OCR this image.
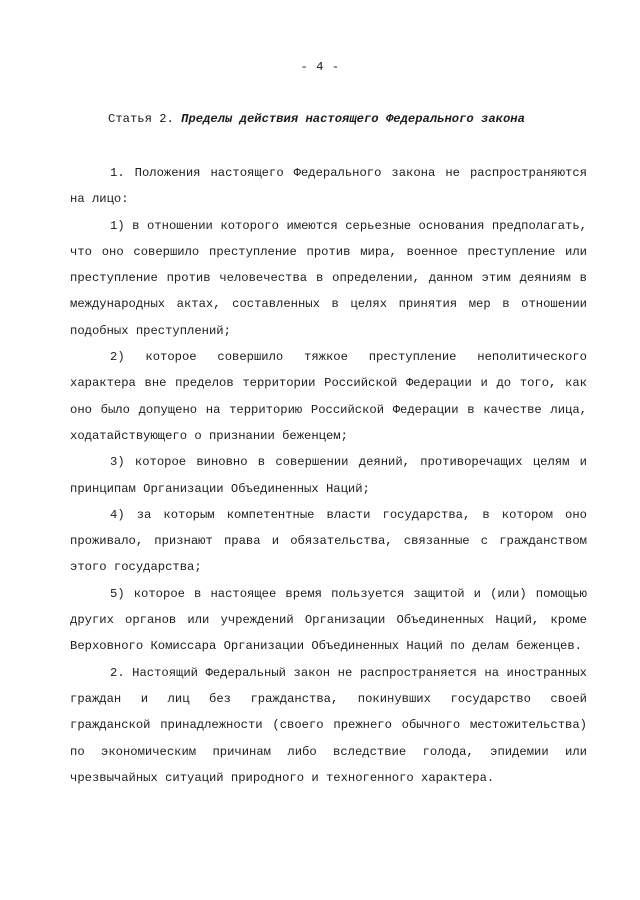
- 4 -
Статья 2. Пределы действия настоящего Федерального закона

1. Положения настоящего Федерального закона не распространяются на лицо:

1) в отношении которого имеются серьезные основания предполагать, что оно совершило преступление против мира, военное преступление или преступление против человечества в определении, данном этим деяниям в международных актах, составленных в целях принятия мер в отношении подобных преступлений;

2) которое совершило тяжкое преступление неполитического характера вне пределов территории Российской Федерации и до того, как оно было допущено на территорию Российской Федерации в качестве лица, ходатайствующего о признании беженцем;

3) которое виновно в совершении деяний, противоречащих целям и принципам Организации Объединенных Наций;

4) за которым компетентные власти государства, в котором оно проживало, признают права и обязательства, связанные с гражданством этого государства;

5) которое в настоящее время пользуется защитой и (или) помощью других органов или учреждений Организации Объединенных Наций, кроме Верховного Комиссара Организации Объединенных Наций по делам беженцев.

2. Настоящий Федеральный закон не распространяется на иностранных граждан и лиц без гражданства, покинувших государство своей гражданской принадлежности (своего прежнего обычного местожительства) по экономическим причинам либо вследствие голода, эпидемии или чрезвычайных ситуаций природного и техногенного характера.
